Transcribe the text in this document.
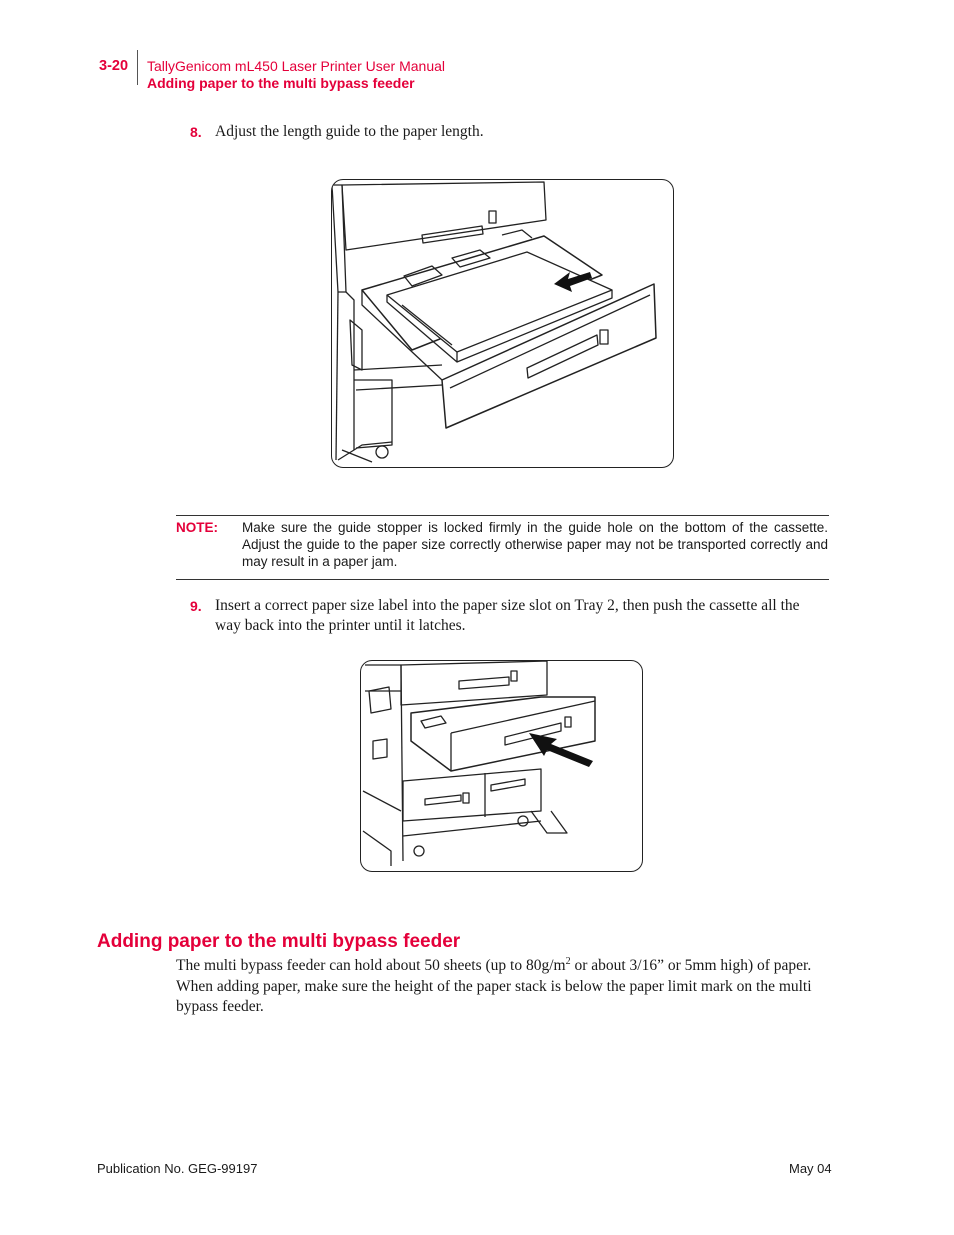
3-20 TallyGenicom mL450 Laser Printer User Manual
Adding paper to the multi bypass feeder
8. Adjust the length guide to the paper length.
NOTE: Make sure the guide stopper is locked firmly in the guide hole on the bottom of the cassette. Adjust the guide to the paper size correctly otherwise paper may not be transported correctly and may result in a paper jam.
9. Insert a correct paper size label into the paper size slot on Tray 2, then push the cassette all the way back into the printer until it latches.
Adding paper to the multi bypass feeder
The multi bypass feeder can hold about 50 sheets (up to $80g/m^2$ or about 3/16” or 5mm high) of paper. When adding paper, make sure the height of the paper stack is below the paper limit mark on the multi bypass feeder.
Publication No. GEG-99197	May 04
